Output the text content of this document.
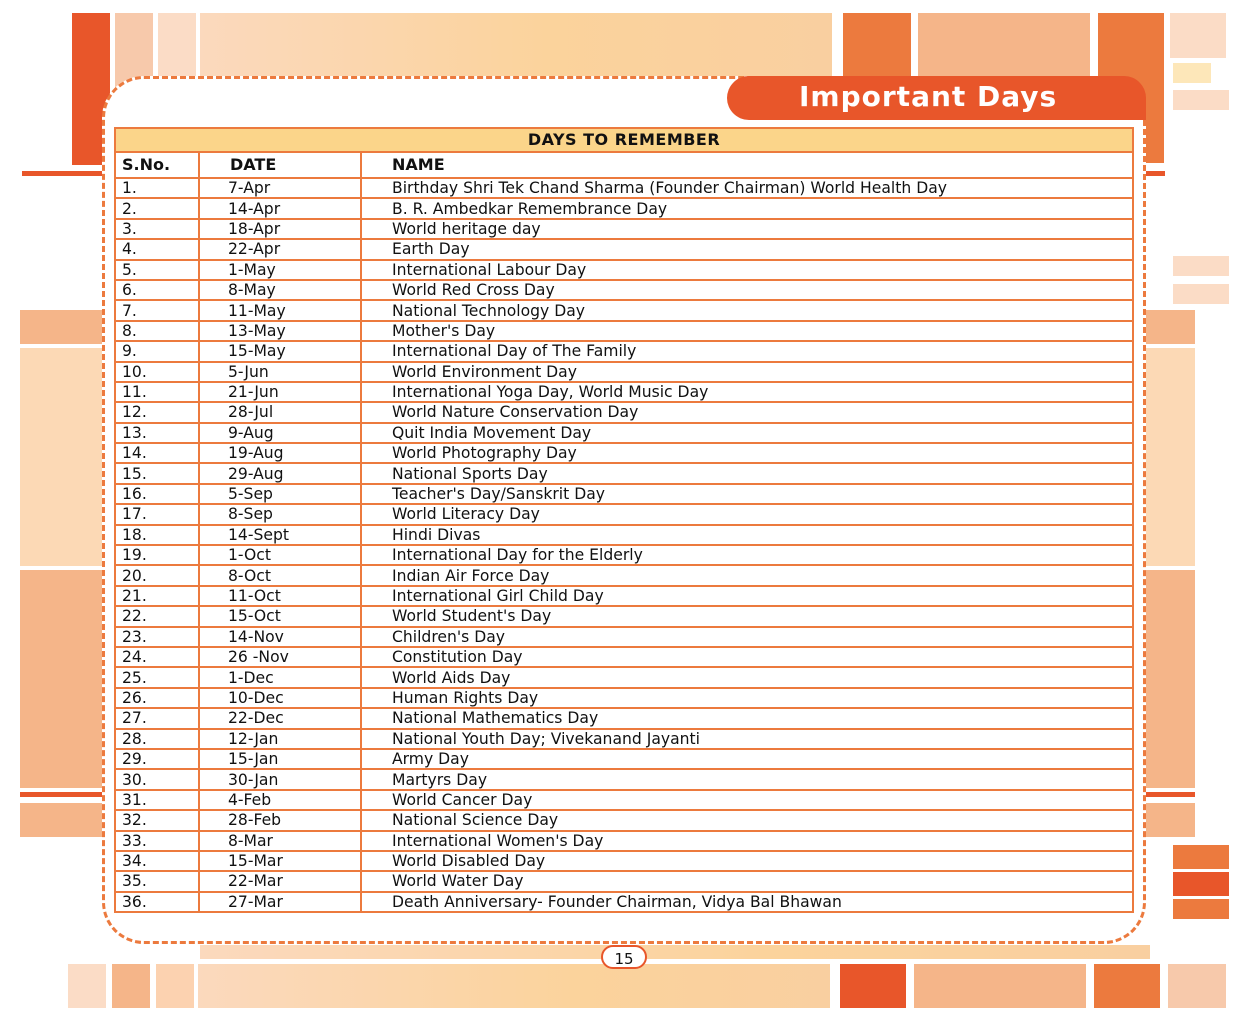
Important Days
DAYS TO REMEMBER		
S.No.	DATE	NAME
1.	7-Apr	Birthday Shri Tek Chand Sharma (Founder Chairman) World Health Day
2.	14-Apr	B. R. Ambedkar Remembrance Day
3.	18-Apr	World heritage day
4.	22-Apr	Earth Day
5.	1-May	International Labour Day
6.	8-May	World Red Cross Day
7.	11-May	National Technology Day
8.	13-May	Mother's Day
9.	15-May	International Day of The Family
10.	5-Jun	World Environment Day
11.	21-Jun	International Yoga Day, World Music Day
12.	28-Jul	World Nature Conservation Day
13.	9-Aug	Quit India Movement Day
14.	19-Aug	World Photography Day
15.	29-Aug	National Sports Day
16.	5-Sep	Teacher's Day/Sanskrit Day
17.	8-Sep	World Literacy Day
18.	14-Sept	Hindi Divas
19.	1-Oct	International Day for the Elderly
20.	8-Oct	Indian Air Force Day
21.	11-Oct	International Girl Child Day
22.	15-Oct	World Student's Day
23.	14-Nov	Children's Day
24.	26 -Nov	Constitution Day
25.	1-Dec	World Aids Day
26.	10-Dec	Human Rights Day
27.	22-Dec	National Mathematics Day
28.	12-Jan	National Youth Day; Vivekanand Jayanti
29.	15-Jan	Army Day
30.	30-Jan	Martyrs Day
31.	4-Feb	World Cancer Day
32.	28-Feb	National Science Day
33.	8-Mar	International Women's Day
34.	15-Mar	World Disabled Day
35.	22-Mar	World Water Day
36.	27-Mar	Death Anniversary- Founder Chairman, Vidya Bal Bhawan
15
